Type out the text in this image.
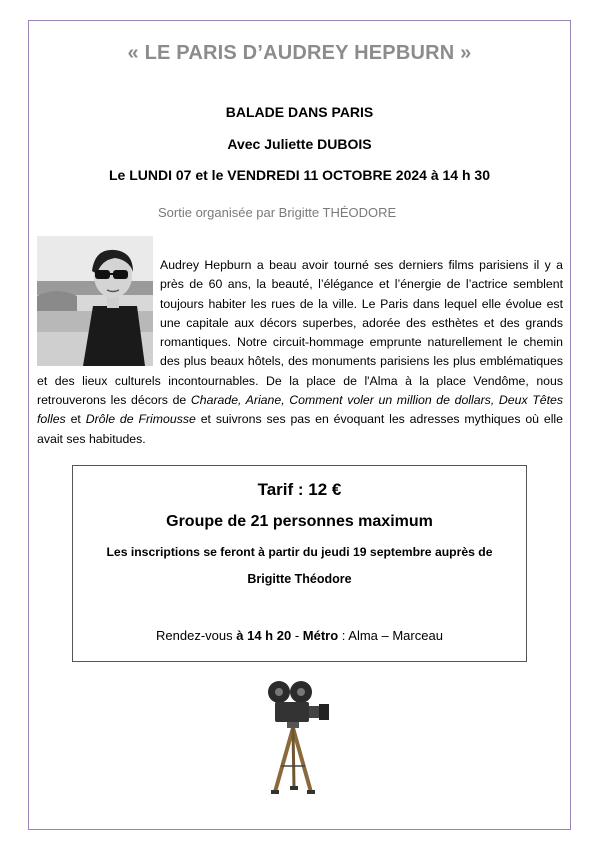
« LE PARIS D’AUDREY HEPBURN »
BALADE DANS PARIS
Avec Juliette DUBOIS
Le LUNDI 07 et le VENDREDI 11 OCTOBRE 2024 à 14 h 30
Sortie organisée par Brigitte THÉODORE
Audrey Hepburn a beau avoir tourné ses derniers films parisiens il y a près de 60 ans, la beauté, l’élégance et l’énergie de l’actrice semblent toujours habiter les rues de la ville. Le Paris dans lequel elle évolue est une capitale aux décors superbes, adorée des esthètes et des grands romantiques. Notre circuit-hommage emprunte naturellement le chemin des plus beaux hôtels, des monuments parisiens les plus emblématiques et des lieux culturels incontournables. De la place de l'Alma à la place Vendôme, nous retrouverons les décors de Charade, Ariane, Comment voler un million de dollars, Deux Têtes folles et Drôle de Frimousse et suivrons ses pas en évoquant les adresses mythiques où elle avait ses habitudes.
Tarif : 12 €
Groupe de 21 personnes maximum
Les inscriptions se feront à partir du jeudi 19 septembre auprès de
Brigitte Théodore
Rendez-vous à 14 h 20 - Métro : Alma – Marceau
